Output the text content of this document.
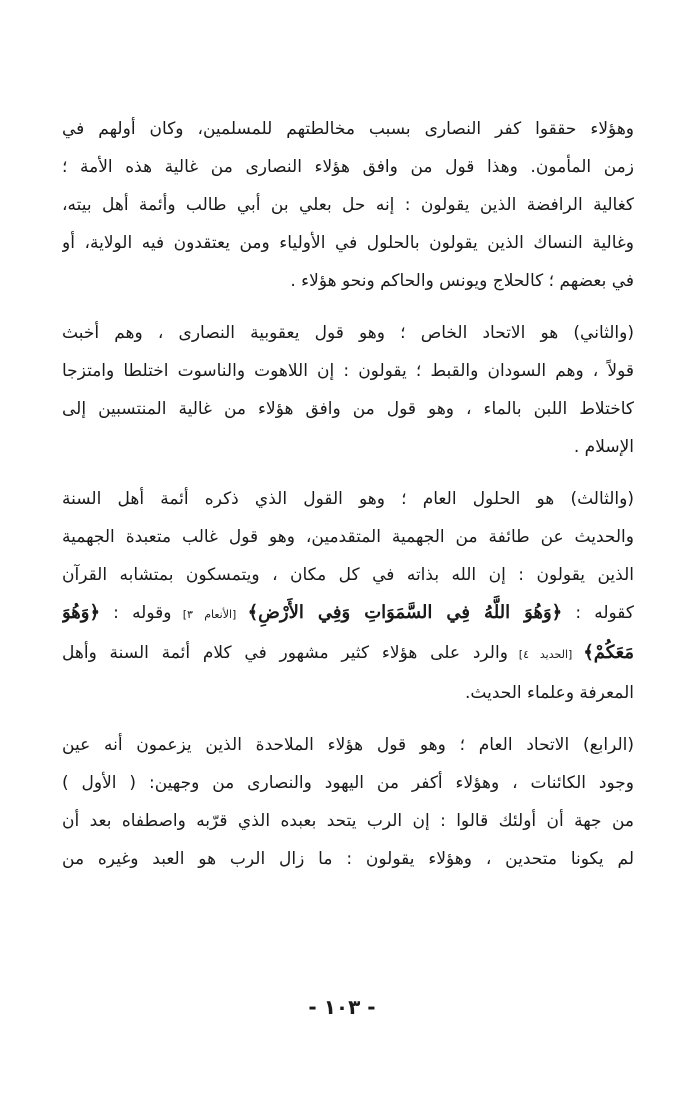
وهؤلاء حققوا كفر النصارى بسبب مخالطتهم للمسلمين، وكان أولهم في
زمن المأمون. وهذا قول من وافق هؤلاء النصارى من غالية هذه الأمة ؛
كغالية الرافضة الذين يقولون : إنه حل بعلي بن أبي طالب وأئمة أهل بيته،
وغالية النساك الذين يقولون بالحلول في الأولياء ومن يعتقدون فيه الولاية، أو
في بعضهم ؛ كالحلاج ويونس والحاكم ونحو هؤلاء .

(والثاني) هو الاتحاد الخاص ؛ وهو قول يعقوبية النصارى ، وهم أخبث
قولاً ، وهم السودان والقبط ؛ يقولون : إن اللاهوت والناسوت اختلطا وامتزجا
كاختلاط اللبن بالماء ، وهو قول من وافق هؤلاء من غالية المنتسبين إلى
الإسلام .

(والثالث) هو الحلول العام ؛ وهو القول الذي ذكره أئمة أهل السنة
والحديث عن طائفة من الجهمية المتقدمين، وهو قول غالب متعبدة الجهمية
الذين يقولون : إن الله بذاته في كل مكان ، ويتمسكون بمتشابه القرآن
كقوله : ﴿وَهُوَ اللَّهُ فِي السَّمَوَاتِ وَفِي الأَرْضِ﴾ [الأنعام ٣] وقوله : ﴿وَهُوَ
مَعَكُمْ﴾ [الحديد ٤] والرد على هؤلاء كثير مشهور في كلام أئمة السنة وأهل
المعرفة وعلماء الحديث.

(الرابع) الاتحاد العام ؛ وهو قول هؤلاء الملاحدة الذين يزعمون أنه عين
وجود الكائنات ، وهؤلاء أكفر من اليهود والنصارى من وجهين: ( الأول )
من جهة أن أولئك قالوا : إن الرب يتحد بعبده الذي قرّبه واصطفاه بعد أن
لم يكونا متحدين ، وهؤلاء يقولون : ما زال الرب هو العبد وغيره من

- ١٠٣ -
